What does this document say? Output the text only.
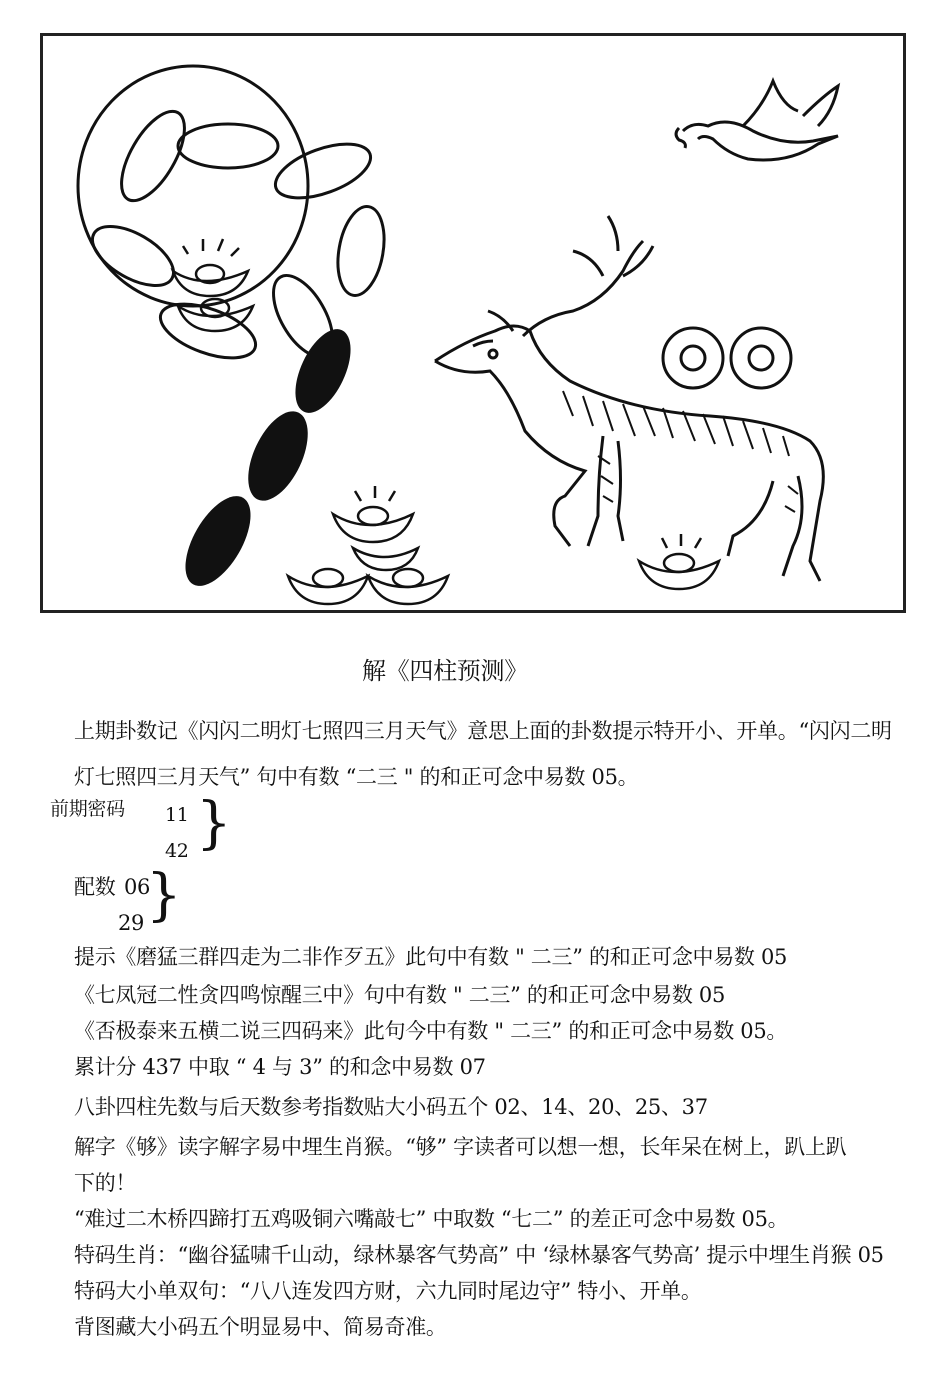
解《四柱预测》
上期卦数记《闪闪二明灯七照四三月天气》意思上面的卦数提示特开小、开单。“闪闪二明
灯七照四三月天气” 句中有数 “二三 " 的和正可念中易数 05。
前期密码 11
42 }
配数 06
29 }
提示《磨猛三群四走为二非作歹五》此句中有数 " 二三” 的和正可念中易数 05
《七凤冠二性贪四鸣惊醒三中》句中有数 " 二三” 的和正可念中易数 05
《否极泰来五横二说三四码来》此句今中有数 " 二三” 的和正可念中易数 05。
累计分 437 中取 “ 4 与 3” 的和念中易数 07
八卦四柱先数与后天数参考指数贴大小码五个 02、14、20、25、37
解字《够》读字解字易中埋生肖猴。“够” 字读者可以想一想，长年呆在树上，趴上趴
下的！
“难过二木桥四蹄打五鸡吸铜六嘴敲七” 中取数 “七二” 的差正可念中易数 05。
特码生肖：“幽谷猛啸千山动，绿林暴客气势高” 中 ‘绿林暴客气势高’ 提示中埋生肖猴 05
特码大小单双句：“八八连发四方财，六九同时尾边守” 特小、开单。
背图藏大小码五个明显易中、简易奇准。
